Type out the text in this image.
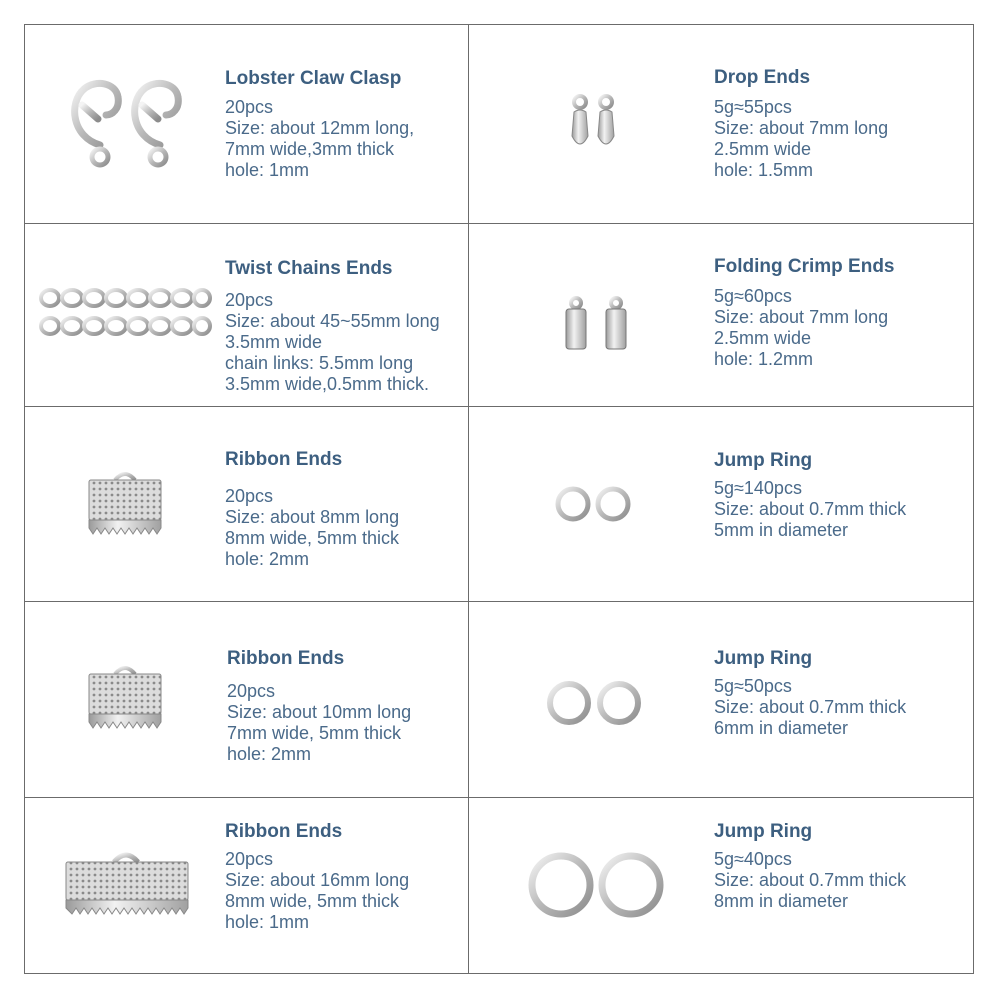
Lobster Claw Clasp
20pcs
Size: about 12mm long,
7mm wide,3mm thick
hole: 1mm
Drop Ends
5g≈55pcs
Size: about 7mm long
2.5mm wide
hole: 1.5mm
Twist Chains Ends
20pcs
Size: about 45~55mm long
3.5mm wide
chain links: 5.5mm long
3.5mm wide,0.5mm thick.
Folding Crimp Ends
5g≈60pcs
Size: about 7mm long
2.5mm wide
hole: 1.2mm
Ribbon Ends
20pcs
Size: about 8mm long
8mm wide, 5mm thick
hole: 2mm
Jump Ring
5g≈140pcs
Size: about 0.7mm thick
5mm in diameter
Ribbon Ends
20pcs
Size: about 10mm long
7mm wide, 5mm thick
hole: 2mm
Jump Ring
5g≈50pcs
Size: about 0.7mm thick
6mm in diameter
Ribbon Ends
20pcs
Size: about 16mm long
8mm wide, 5mm thick
hole: 1mm
Jump Ring
5g≈40pcs
Size: about 0.7mm thick
8mm in diameter
